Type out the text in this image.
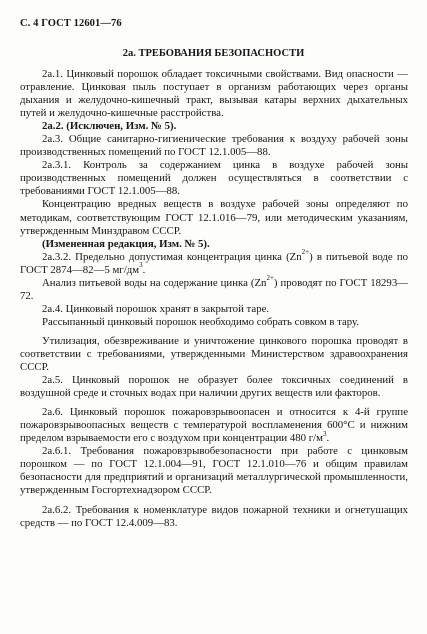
С. 4 ГОСТ 12601—76
2а. ТРЕБОВАНИЯ БЕЗОПАСНОСТИ

2а.1. Цинковый порошок обладает токсичными свойствами. Вид опасности — отравление. Цинковая пыль поступает в организм работающих через органы дыхания и желудочно-кишечный тракт, вызывая катары верхних дыхательных путей и желудочно-кишечные расстройства.

2а.2. (Исключен, Изм. № 5).

2а.3. Общие санитарно-гигиенические требования к воздуху рабочей зоны производственных помещений по ГОСТ 12.1.005—88.

2а.3.1. Контроль за содержанием цинка в воздухе рабочей зоны производственных помещений должен осуществляться в соответствии с требованиями ГОСТ 12.1.005—88.

Концентрацию вредных веществ в воздухе рабочей зоны определяют по методикам, соответствующим ГОСТ 12.1.016—79, или методическим указаниям, утвержденным Минздравом СССР.

(Измененная редакция, Изм. № 5).

2а.3.2. Предельно допустимая концентрация цинка $(Zn^{2+})$ в питьевой воде по ГОСТ 2874—82—5 $мг/дм^3$.

Анализ питьевой воды на содержание цинка $(Zn^{2+})$ проводят по ГОСТ 18293—72.

2а.4. Цинковый порошок хранят в закрытой таре.

Рассыпанный цинковый порошок необходимо собрать совком в тару.

Утилизация, обезвреживание и уничтожение цинкового порошка проводят в соответствии с требованиями, утвержденными Министерством здравоохранения СССР.

2а.5. Цинковый порошок не образует более токсичных соединений в воздушной среде и сточных водах при наличии других веществ или факторов.

2а.6. Цинковый порошок пожаровзрывоопасен и относится к 4-й группе пожаровзрывоопасных веществ с температурой воспламенения 600°С и нижним пределом взрываемости его с воздухом при концентрации 480 $г/м^3$.

2а.6.1. Требования пожаровзрывобезопасности при работе с цинковым порошком — по ГОСТ 12.1.004—91, ГОСТ 12.1.010—76 и общим правилам безопасности для предприятий и организаций металлургической промышленности, утвержденным Госгортехнадзором СССР.

2а.6.2. Требования к номенклатуре видов пожарной техники и огнетушащих средств — по ГОСТ 12.4.009—83.
